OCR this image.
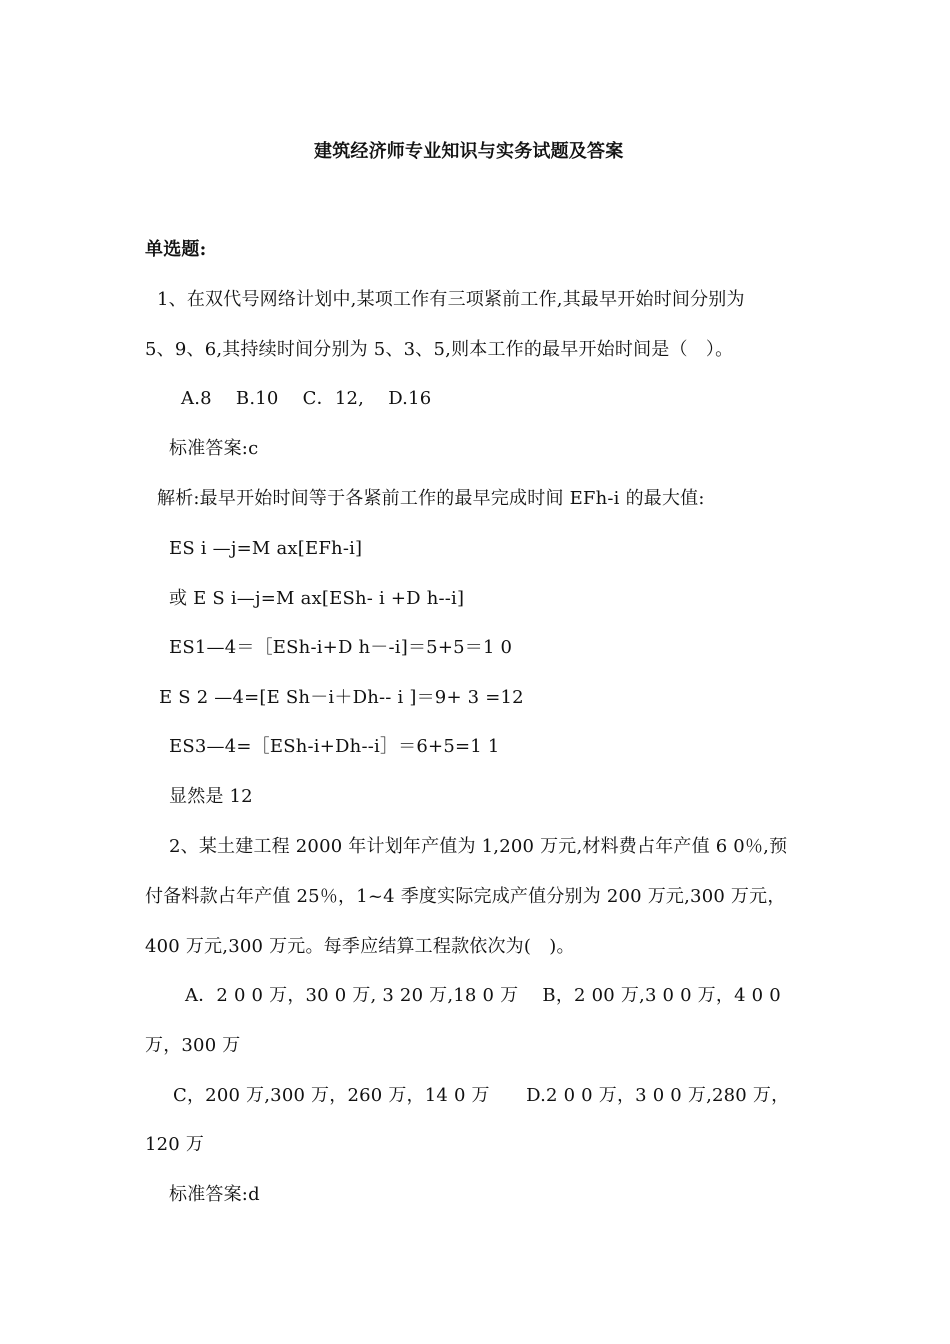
建筑经济师专业知识与实务试题及答案
单选题:
1、在双代号网络计划中,某项工作有三项紧前工作,其最早开始时间分别为
5、9、6,其持续时间分别为 5、3、5,则本工作的最早开始时间是（　）。
A.8　 B.10　 C．12,　 D.16
标准答案:c
解析:最早开始时间等于各紧前工作的最早完成时间 EFh-i 的最大值:
ES i —j=M ax[EFh-i]
或 E S i—j=M ax[ESh- i +D h--i]
ES1—4＝［ESh-i+D h－-i]＝5+5＝1 0
E S 2 —4=[E Sh－i＋Dh-- i ]＝9+ 3 =12
ES3—4=［ESh-i+Dh--i］＝6+5=1 1
显然是 12
2、某土建工程 2000 年计划年产值为 1,200 万元,材料费占年产值 6 0％,预
付备料款占年产值 25％，1~4 季度实际完成产值分别为 200 万元,300 万元，
400 万元,300 万元。每季应结算工程款依次为(　)。
A．2 0 0 万，30 0 万, 3 20 万,18 0 万　 B，2 00 万,3 0 0 万，4 0 0
万，300 万
C，200 万,300 万，260 万，14 0 万　　D.2 0 0 万，3 0 0 万,280 万，
120 万
标准答案:d
